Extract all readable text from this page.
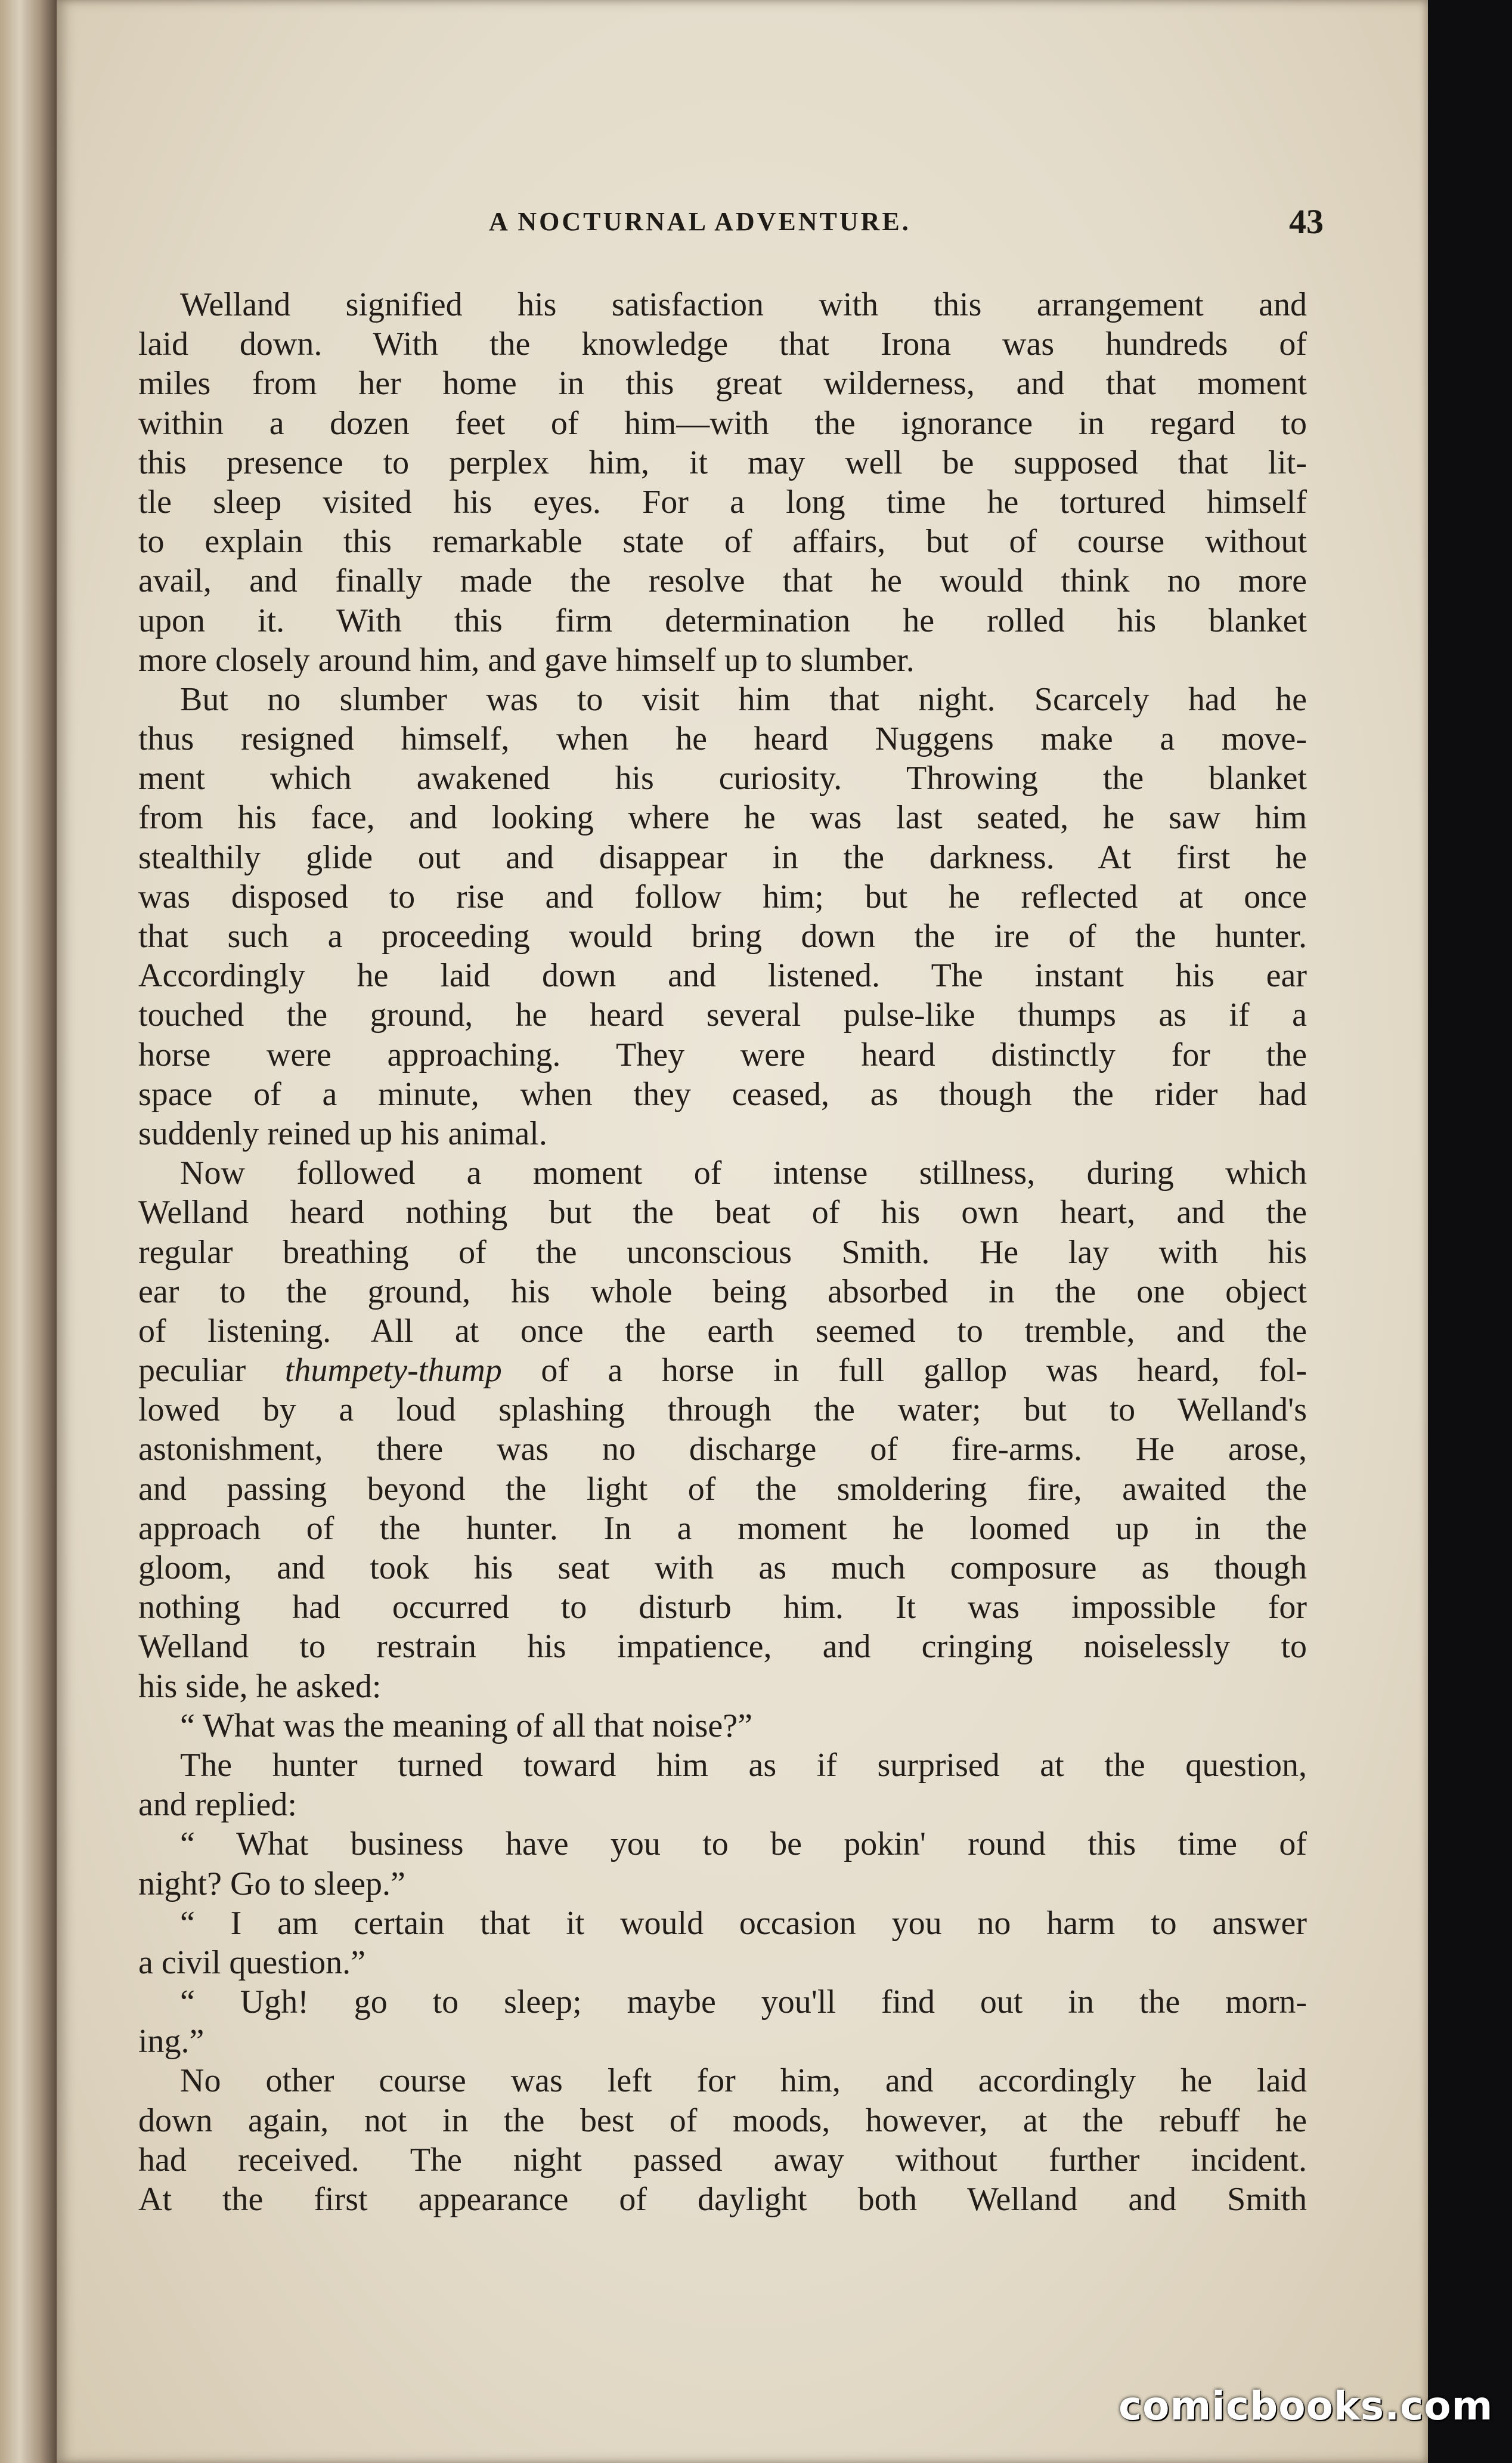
A NOCTURNAL ADVENTURE.	43
Welland signified his satisfaction with this arrangement and
laid down. With the knowledge that Irona was hundreds of
miles from her home in this great wilderness, and that moment
within a dozen feet of him—with the ignorance in regard to
this presence to perplex him, it may well be supposed that lit-
tle sleep visited his eyes. For a long time he tortured himself
to explain this remarkable state of affairs, but of course without
avail, and finally made the resolve that he would think no more
upon it. With this firm determination he rolled his blanket
more closely around him, and gave himself up to slumber.
But no slumber was to visit him that night. Scarcely had he
thus resigned himself, when he heard Nuggens make a move-
ment which awakened his curiosity. Throwing the blanket
from his face, and looking where he was last seated, he saw him
stealthily glide out and disappear in the darkness. At first he
was disposed to rise and follow him; but he reflected at once
that such a proceeding would bring down the ire of the hunter.
Accordingly he laid down and listened. The instant his ear
touched the ground, he heard several pulse-like thumps as if a
horse were approaching. They were heard distinctly for the
space of a minute, when they ceased, as though the rider had
suddenly reined up his animal.
Now followed a moment of intense stillness, during which
Welland heard nothing but the beat of his own heart, and the
regular breathing of the unconscious Smith. He lay with his
ear to the ground, his whole being absorbed in the one object
of listening. All at once the earth seemed to tremble, and the
peculiar thumpety-thump of a horse in full gallop was heard, fol-
lowed by a loud splashing through the water; but to Welland's
astonishment, there was no discharge of fire-arms. He arose,
and passing beyond the light of the smoldering fire, awaited the
approach of the hunter. In a moment he loomed up in the
gloom, and took his seat with as much composure as though
nothing had occurred to disturb him. It was impossible for
Welland to restrain his impatience, and cringing noiselessly to
his side, he asked:
“ What was the meaning of all that noise?”
The hunter turned toward him as if surprised at the question,
and replied:
“ What business have you to be pokin' round this time of
night? Go to sleep.”
“ I am certain that it would occasion you no harm to answer
a civil question.”
“ Ugh! go to sleep; maybe you'll find out in the morn-
ing.”
No other course was left for him, and accordingly he laid
down again, not in the best of moods, however, at the rebuff he
had received. The night passed away without further incident.
At the first appearance of daylight both Welland and Smith
comicbooks.com
